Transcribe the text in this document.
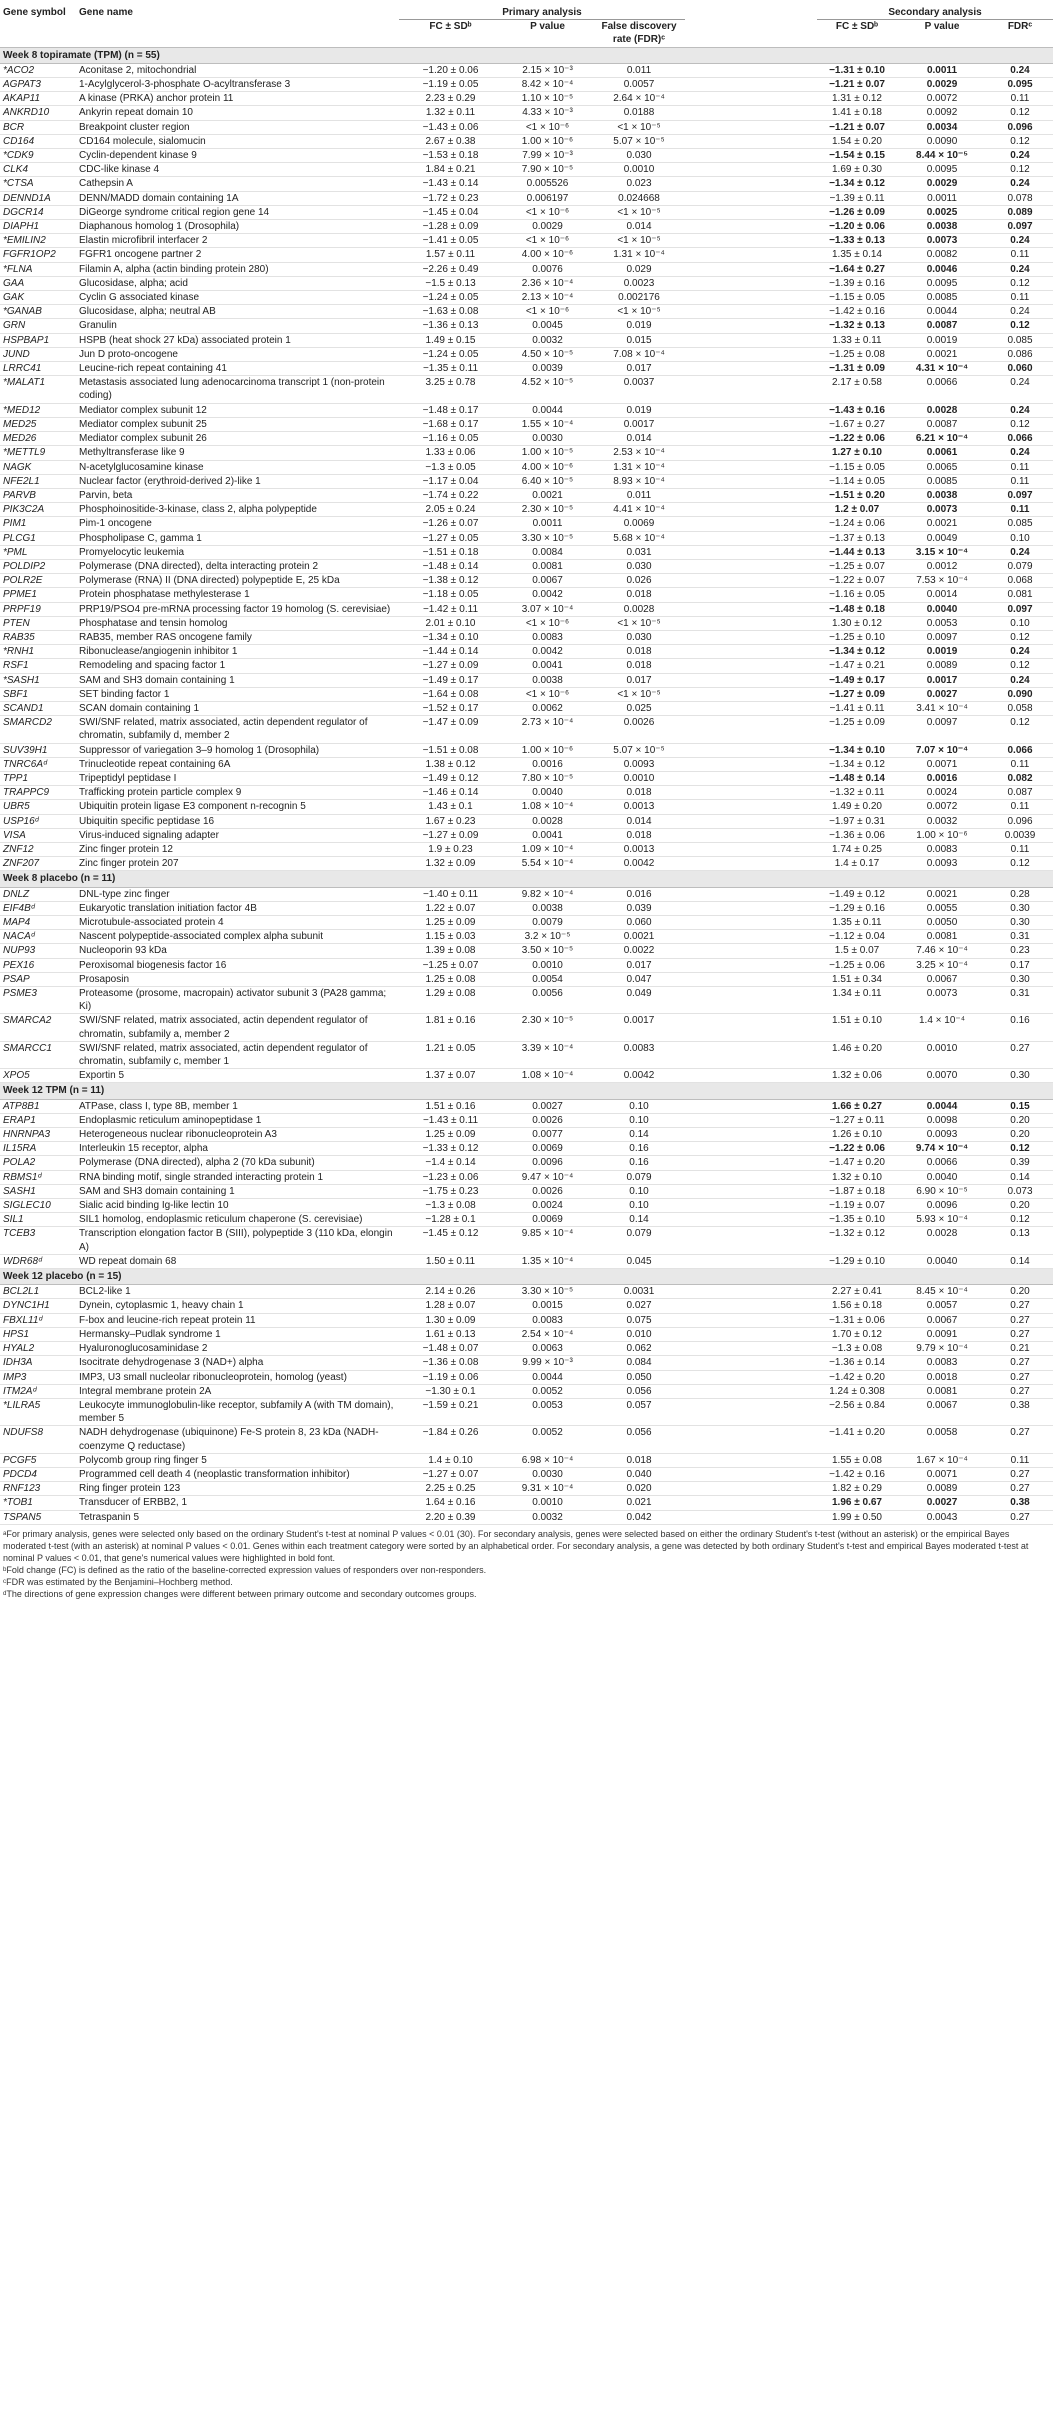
Gene symbol	Gene name	Primary analysis				Secondary analysis		
		FC ± SDᵇ	P value	False discovery rate (FDR)ᶜ		FC ± SDᵇ	P value	FDRᶜ
Week 8 topiramate (TPM) (n = 55)								
*ACO2	Aconitase 2, mitochondrial	−1.20 ± 0.06	2.15 × 10⁻³	0.011		−1.31 ± 0.10	0.0011	0.24
AGPAT3	1-Acylglycerol-3-phosphate O-acyltransferase 3	−1.19 ± 0.05	8.42 × 10⁻⁴	0.0057		−1.21 ± 0.07	0.0029	0.095
AKAP11	A kinase (PRKA) anchor protein 11	2.23 ± 0.29	1.10 × 10⁻⁵	2.64 × 10⁻⁴		1.31 ± 0.12	0.0072	0.11
ANKRD10	Ankyrin repeat domain 10	1.32 ± 0.11	4.33 × 10⁻³	0.0188		1.41 ± 0.18	0.0092	0.12
BCR	Breakpoint cluster region	−1.43 ± 0.06	<1 × 10⁻⁶	<1 × 10⁻⁵		−1.21 ± 0.07	0.0034	0.096
CD164	CD164 molecule, sialomucin	2.67 ± 0.38	1.00 × 10⁻⁶	5.07 × 10⁻⁵		1.54 ± 0.20	0.0090	0.12
*CDK9	Cyclin-dependent kinase 9	−1.53 ± 0.18	7.99 × 10⁻³	0.030		−1.54 ± 0.15	8.44 × 10⁻⁵	0.24
CLK4	CDC-like kinase 4	1.84 ± 0.21	7.90 × 10⁻⁵	0.0010		1.69 ± 0.30	0.0095	0.12
*CTSA	Cathepsin A	−1.43 ± 0.14	0.005526	0.023		−1.34 ± 0.12	0.0029	0.24
DENND1A	DENN/MADD domain containing 1A	−1.72 ± 0.23	0.006197	0.024668		−1.39 ± 0.11	0.0011	0.078
DGCR14	DiGeorge syndrome critical region gene 14	−1.45 ± 0.04	<1 × 10⁻⁶	<1 × 10⁻⁵		−1.26 ± 0.09	0.0025	0.089
DIAPH1	Diaphanous homolog 1 (Drosophila)	−1.28 ± 0.09	0.0029	0.014		−1.20 ± 0.06	0.0038	0.097
*EMILIN2	Elastin microfibril interfacer 2	−1.41 ± 0.05	<1 × 10⁻⁶	<1 × 10⁻⁵		−1.33 ± 0.13	0.0073	0.24
FGFR1OP2	FGFR1 oncogene partner 2	1.57 ± 0.11	4.00 × 10⁻⁶	1.31 × 10⁻⁴		1.35 ± 0.14	0.0082	0.11
*FLNA	Filamin A, alpha (actin binding protein 280)	−2.26 ± 0.49	0.0076	0.029		−1.64 ± 0.27	0.0046	0.24
GAA	Glucosidase, alpha; acid	−1.5 ± 0.13	2.36 × 10⁻⁴	0.0023		−1.39 ± 0.16	0.0095	0.12
GAK	Cyclin G associated kinase	−1.24 ± 0.05	2.13 × 10⁻⁴	0.002176		−1.15 ± 0.05	0.0085	0.11
*GANAB	Glucosidase, alpha; neutral AB	−1.63 ± 0.08	<1 × 10⁻⁶	<1 × 10⁻⁵		−1.42 ± 0.16	0.0044	0.24
GRN	Granulin	−1.36 ± 0.13	0.0045	0.019		−1.32 ± 0.13	0.0087	0.12
HSPBAP1	HSPB (heat shock 27 kDa) associated protein 1	1.49 ± 0.15	0.0032	0.015		1.33 ± 0.11	0.0019	0.085
JUND	Jun D proto-oncogene	−1.24 ± 0.05	4.50 × 10⁻⁵	7.08 × 10⁻⁴		−1.25 ± 0.08	0.0021	0.086
LRRC41	Leucine-rich repeat containing 41	−1.35 ± 0.11	0.0039	0.017		−1.31 ± 0.09	4.31 × 10⁻⁴	0.060
*MALAT1	Metastasis associated lung adenocarcinoma transcript 1 (non-protein coding)	3.25 ± 0.78	4.52 × 10⁻⁵	0.0037		2.17 ± 0.58	0.0066	0.24
*MED12	Mediator complex subunit 12	−1.48 ± 0.17	0.0044	0.019		−1.43 ± 0.16	0.0028	0.24
MED25	Mediator complex subunit 25	−1.68 ± 0.17	1.55 × 10⁻⁴	0.0017		−1.67 ± 0.27	0.0087	0.12
MED26	Mediator complex subunit 26	−1.16 ± 0.05	0.0030	0.014		−1.22 ± 0.06	6.21 × 10⁻⁴	0.066
*METTL9	Methyltransferase like 9	1.33 ± 0.06	1.00 × 10⁻⁵	2.53 × 10⁻⁴		1.27 ± 0.10	0.0061	0.24
NAGK	N-acetylglucosamine kinase	−1.3 ± 0.05	4.00 × 10⁻⁶	1.31 × 10⁻⁴		−1.15 ± 0.05	0.0065	0.11
NFE2L1	Nuclear factor (erythroid-derived 2)-like 1	−1.17 ± 0.04	6.40 × 10⁻⁵	8.93 × 10⁻⁴		−1.14 ± 0.05	0.0085	0.11
PARVB	Parvin, beta	−1.74 ± 0.22	0.0021	0.011		−1.51 ± 0.20	0.0038	0.097
PIK3C2A	Phosphoinositide-3-kinase, class 2, alpha polypeptide	2.05 ± 0.24	2.30 × 10⁻⁵	4.41 × 10⁻⁴		1.2 ± 0.07	0.0073	0.11
PIM1	Pim-1 oncogene	−1.26 ± 0.07	0.0011	0.0069		−1.24 ± 0.06	0.0021	0.085
PLCG1	Phospholipase C, gamma 1	−1.27 ± 0.05	3.30 × 10⁻⁵	5.68 × 10⁻⁴		−1.37 ± 0.13	0.0049	0.10
*PML	Promyelocytic leukemia	−1.51 ± 0.18	0.0084	0.031		−1.44 ± 0.13	3.15 × 10⁻⁴	0.24
POLDIP2	Polymerase (DNA directed), delta interacting protein 2	−1.48 ± 0.14	0.0081	0.030		−1.25 ± 0.07	0.0012	0.079
POLR2E	Polymerase (RNA) II (DNA directed) polypeptide E, 25 kDa	−1.38 ± 0.12	0.0067	0.026		−1.22 ± 0.07	7.53 × 10⁻⁴	0.068
PPME1	Protein phosphatase methylesterase 1	−1.18 ± 0.05	0.0042	0.018		−1.16 ± 0.05	0.0014	0.081
PRPF19	PRP19/PSO4 pre-mRNA processing factor 19 homolog (S. cerevisiae)	−1.42 ± 0.11	3.07 × 10⁻⁴	0.0028		−1.48 ± 0.18	0.0040	0.097
PTEN	Phosphatase and tensin homolog	2.01 ± 0.10	<1 × 10⁻⁶	<1 × 10⁻⁵		1.30 ± 0.12	0.0053	0.10
RAB35	RAB35, member RAS oncogene family	−1.34 ± 0.10	0.0083	0.030		−1.25 ± 0.10	0.0097	0.12
*RNH1	Ribonuclease/angiogenin inhibitor 1	−1.44 ± 0.14	0.0042	0.018		−1.34 ± 0.12	0.0019	0.24
RSF1	Remodeling and spacing factor 1	−1.27 ± 0.09	0.0041	0.018		−1.47 ± 0.21	0.0089	0.12
*SASH1	SAM and SH3 domain containing 1	−1.49 ± 0.17	0.0038	0.017		−1.49 ± 0.17	0.0017	0.24
SBF1	SET binding factor 1	−1.64 ± 0.08	<1 × 10⁻⁶	<1 × 10⁻⁵		−1.27 ± 0.09	0.0027	0.090
SCAND1	SCAN domain containing 1	−1.52 ± 0.17	0.0062	0.025		−1.41 ± 0.11	3.41 × 10⁻⁴	0.058
SMARCD2	SWI/SNF related, matrix associated, actin dependent regulator of chromatin, subfamily d, member 2	−1.47 ± 0.09	2.73 × 10⁻⁴	0.0026		−1.25 ± 0.09	0.0097	0.12
SUV39H1	Suppressor of variegation 3–9 homolog 1 (Drosophila)	−1.51 ± 0.08	1.00 × 10⁻⁶	5.07 × 10⁻⁵		−1.34 ± 0.10	7.07 × 10⁻⁴	0.066
TNRC6Aᵈ	Trinucleotide repeat containing 6A	1.38 ± 0.12	0.0016	0.0093		−1.34 ± 0.12	0.0071	0.11
TPP1	Tripeptidyl peptidase I	−1.49 ± 0.12	7.80 × 10⁻⁵	0.0010		−1.48 ± 0.14	0.0016	0.082
TRAPPC9	Trafficking protein particle complex 9	−1.46 ± 0.14	0.0040	0.018		−1.32 ± 0.11	0.0024	0.087
UBR5	Ubiquitin protein ligase E3 component n-recognin 5	1.43 ± 0.1	1.08 × 10⁻⁴	0.0013		1.49 ± 0.20	0.0072	0.11
USP16ᵈ	Ubiquitin specific peptidase 16	1.67 ± 0.23	0.0028	0.014		−1.97 ± 0.31	0.0032	0.096
VISA	Virus-induced signaling adapter	−1.27 ± 0.09	0.0041	0.018		−1.36 ± 0.06	1.00 × 10⁻⁶	0.0039
ZNF12	Zinc finger protein 12	1.9 ± 0.23	1.09 × 10⁻⁴	0.0013		1.74 ± 0.25	0.0083	0.11
ZNF207	Zinc finger protein 207	1.32 ± 0.09	5.54 × 10⁻⁴	0.0042		1.4 ± 0.17	0.0093	0.12
Week 8 placebo (n = 11)								
DNLZ	DNL-type zinc finger	−1.40 ± 0.11	9.82 × 10⁻⁴	0.016		−1.49 ± 0.12	0.0021	0.28
EIF4Bᵈ	Eukaryotic translation initiation factor 4B	1.22 ± 0.07	0.0038	0.039		−1.29 ± 0.16	0.0055	0.30
MAP4	Microtubule-associated protein 4	1.25 ± 0.09	0.0079	0.060		1.35 ± 0.11	0.0050	0.30
NACAᵈ	Nascent polypeptide-associated complex alpha subunit	1.15 ± 0.03	3.2 × 10⁻⁵	0.0021		−1.12 ± 0.04	0.0081	0.31
NUP93	Nucleoporin 93 kDa	1.39 ± 0.08	3.50 × 10⁻⁵	0.0022		1.5 ± 0.07	7.46 × 10⁻⁴	0.23
PEX16	Peroxisomal biogenesis factor 16	−1.25 ± 0.07	0.0010	0.017		−1.25 ± 0.06	3.25 × 10⁻⁴	0.17
PSAP	Prosaposin	1.25 ± 0.08	0.0054	0.047		1.51 ± 0.34	0.0067	0.30
PSME3	Proteasome (prosome, macropain) activator subunit 3 (PA28 gamma; Ki)	1.29 ± 0.08	0.0056	0.049		1.34 ± 0.11	0.0073	0.31
SMARCA2	SWI/SNF related, matrix associated, actin dependent regulator of chromatin, subfamily a, member 2	1.81 ± 0.16	2.30 × 10⁻⁵	0.0017		1.51 ± 0.10	1.4 × 10⁻⁴	0.16
SMARCC1	SWI/SNF related, matrix associated, actin dependent regulator of chromatin, subfamily c, member 1	1.21 ± 0.05	3.39 × 10⁻⁴	0.0083		1.46 ± 0.20	0.0010	0.27
XPO5	Exportin 5	1.37 ± 0.07	1.08 × 10⁻⁴	0.0042		1.32 ± 0.06	0.0070	0.30
Week 12 TPM (n = 11)								
ATP8B1	ATPase, class I, type 8B, member 1	1.51 ± 0.16	0.0027	0.10		1.66 ± 0.27	0.0044	0.15
ERAP1	Endoplasmic reticulum aminopeptidase 1	−1.43 ± 0.11	0.0026	0.10		−1.27 ± 0.11	0.0098	0.20
HNRNPA3	Heterogeneous nuclear ribonucleoprotein A3	1.25 ± 0.09	0.0077	0.14		1.26 ± 0.10	0.0093	0.20
IL15RA	Interleukin 15 receptor, alpha	−1.33 ± 0.12	0.0069	0.16		−1.22 ± 0.06	9.74 × 10⁻⁴	0.12
POLA2	Polymerase (DNA directed), alpha 2 (70 kDa subunit)	−1.4 ± 0.14	0.0096	0.16		−1.47 ± 0.20	0.0066	0.39
RBMS1ᵈ	RNA binding motif, single stranded interacting protein 1	−1.23 ± 0.06	9.47 × 10⁻⁴	0.079		1.32 ± 0.10	0.0040	0.14
SASH1	SAM and SH3 domain containing 1	−1.75 ± 0.23	0.0026	0.10		−1.87 ± 0.18	6.90 × 10⁻⁵	0.073
SIGLEC10	Sialic acid binding Ig-like lectin 10	−1.3 ± 0.08	0.0024	0.10		−1.19 ± 0.07	0.0096	0.20
SIL1	SIL1 homolog, endoplasmic reticulum chaperone (S. cerevisiae)	−1.28 ± 0.1	0.0069	0.14		−1.35 ± 0.10	5.93 × 10⁻⁴	0.12
TCEB3	Transcription elongation factor B (SIII), polypeptide 3 (110 kDa, elongin A)	−1.45 ± 0.12	9.85 × 10⁻⁴	0.079		−1.32 ± 0.12	0.0028	0.13
WDR68ᵈ	WD repeat domain 68	1.50 ± 0.11	1.35 × 10⁻⁴	0.045		−1.29 ± 0.10	0.0040	0.14
Week 12 placebo (n = 15)								
BCL2L1	BCL2-like 1	2.14 ± 0.26	3.30 × 10⁻⁵	0.0031		2.27 ± 0.41	8.45 × 10⁻⁴	0.20
DYNC1H1	Dynein, cytoplasmic 1, heavy chain 1	1.28 ± 0.07	0.0015	0.027		1.56 ± 0.18	0.0057	0.27
FBXL11ᵈ	F-box and leucine-rich repeat protein 11	1.30 ± 0.09	0.0083	0.075		−1.31 ± 0.06	0.0067	0.27
HPS1	Hermansky–Pudlak syndrome 1	1.61 ± 0.13	2.54 × 10⁻⁴	0.010		1.70 ± 0.12	0.0091	0.27
HYAL2	Hyaluronoglucosaminidase 2	−1.48 ± 0.07	0.0063	0.062		−1.3 ± 0.08	9.79 × 10⁻⁴	0.21
IDH3A	Isocitrate dehydrogenase 3 (NAD+) alpha	−1.36 ± 0.08	9.99 × 10⁻³	0.084		−1.36 ± 0.14	0.0083	0.27
IMP3	IMP3, U3 small nucleolar ribonucleoprotein, homolog (yeast)	−1.19 ± 0.06	0.0044	0.050		−1.42 ± 0.20	0.0018	0.27
ITM2Aᵈ	Integral membrane protein 2A	−1.30 ± 0.1	0.0052	0.056		1.24 ± 0.308	0.0081	0.27
*LILRA5	Leukocyte immunoglobulin-like receptor, subfamily A (with TM domain), member 5	−1.59 ± 0.21	0.0053	0.057		−2.56 ± 0.84	0.0067	0.38
NDUFS8	NADH dehydrogenase (ubiquinone) Fe-S protein 8, 23 kDa (NADH-coenzyme Q reductase)	−1.84 ± 0.26	0.0052	0.056		−1.41 ± 0.20	0.0058	0.27
PCGF5	Polycomb group ring finger 5	1.4 ± 0.10	6.98 × 10⁻⁴	0.018		1.55 ± 0.08	1.67 × 10⁻⁴	0.11
PDCD4	Programmed cell death 4 (neoplastic transformation inhibitor)	−1.27 ± 0.07	0.0030	0.040		−1.42 ± 0.16	0.0071	0.27
RNF123	Ring finger protein 123	2.25 ± 0.25	9.31 × 10⁻⁴	0.020		1.82 ± 0.29	0.0089	0.27
*TOB1	Transducer of ERBB2, 1	1.64 ± 0.16	0.0010	0.021		1.96 ± 0.67	0.0027	0.38
TSPAN5	Tetraspanin 5	2.20 ± 0.39	0.0032	0.042		1.99 ± 0.50	0.0043	0.27

ᵃFor primary analysis, genes were selected only based on the ordinary Student's t-test at nominal P values < 0.01 (30). For secondary analysis, genes were selected based on either the ordinary Student's t-test (without an asterisk) or the empirical Bayes moderated t-test (with an asterisk) at nominal P values < 0.01. Genes within each treatment category were sorted by an alphabetical order. For secondary analysis, a gene was detected by both ordinary Student's t-test and empirical Bayes moderated t-test at nominal P values < 0.01, that gene's numerical values were highlighted in bold font.

ᵇFold change (FC) is defined as the ratio of the baseline-corrected expression values of responders over non-responders.

ᶜFDR was estimated by the Benjamini–Hochberg method.

ᵈThe directions of gene expression changes were different between primary outcome and secondary outcomes groups.
